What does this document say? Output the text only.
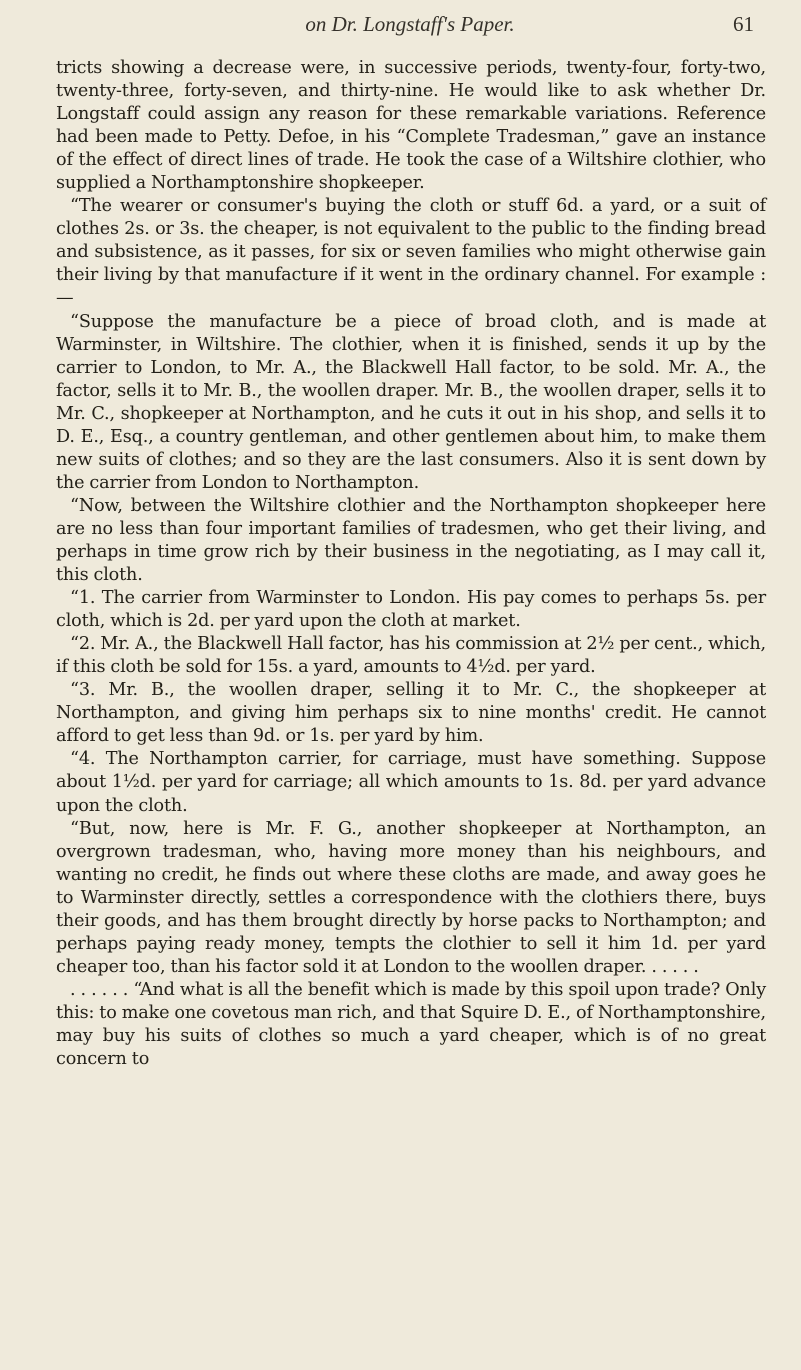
on Dr. Longstaff's Paper.	61

tricts showing a decrease were, in successive periods, twenty-four, forty-two, twenty-three, forty-seven, and thirty-nine. He would like to ask whether Dr. Longstaff could assign any reason for these remarkable variations. Reference had been made to Petty. Defoe, in his “Complete Tradesman,” gave an instance of the effect of direct lines of trade. He took the case of a Wiltshire clothier, who supplied a Northamptonshire shopkeeper.

“The wearer or consumer's buying the cloth or stuff 6d. a yard, or a suit of clothes 2s. or 3s. the cheaper, is not equivalent to the public to the finding bread and subsistence, as it passes, for six or seven families who might otherwise gain their living by that manufacture if it went in the ordinary channel. For example :—

“Suppose the manufacture be a piece of broad cloth, and is made at Warminster, in Wiltshire. The clothier, when it is finished, sends it up by the carrier to London, to Mr. A., the Blackwell Hall factor, to be sold. Mr. A., the factor, sells it to Mr. B., the woollen draper. Mr. B., the woollen draper, sells it to Mr. C., shopkeeper at Northampton, and he cuts it out in his shop, and sells it to D. E., Esq., a country gentleman, and other gentlemen about him, to make them new suits of clothes; and so they are the last consumers. Also it is sent down by the carrier from London to Northampton.

“Now, between the Wiltshire clothier and the Northampton shopkeeper here are no less than four important families of tradesmen, who get their living, and perhaps in time grow rich by their business in the negotiating, as I may call it, this cloth.

“1. The carrier from Warminster to London. His pay comes to perhaps 5s. per cloth, which is 2d. per yard upon the cloth at market.

“2. Mr. A., the Blackwell Hall factor, has his commission at 2½ per cent., which, if this cloth be sold for 15s. a yard, amounts to 4½d. per yard.

“3. Mr. B., the woollen draper, selling it to Mr. C., the shopkeeper at Northampton, and giving him perhaps six to nine months' credit. He cannot afford to get less than 9d. or 1s. per yard by him.

“4. The Northampton carrier, for carriage, must have something. Suppose about 1½d. per yard for carriage; all which amounts to 1s. 8d. per yard advance upon the cloth.

“But, now, here is Mr. F. G., another shopkeeper at Northampton, an overgrown tradesman, who, having more money than his neighbours, and wanting no credit, he finds out where these cloths are made, and away goes he to Warminster directly, settles a correspondence with the clothiers there, buys their goods, and has them brought directly by horse packs to Northampton; and perhaps paying ready money, tempts the clothier to sell it him 1d. per yard cheaper too, than his factor sold it at London to the woollen draper. . . . . .

. . . . . . “And what is all the benefit which is made by this spoil upon trade? Only this: to make one covetous man rich, and that Squire D. E., of Northamptonshire, may buy his suits of clothes so much a yard cheaper, which is of no great concern to
